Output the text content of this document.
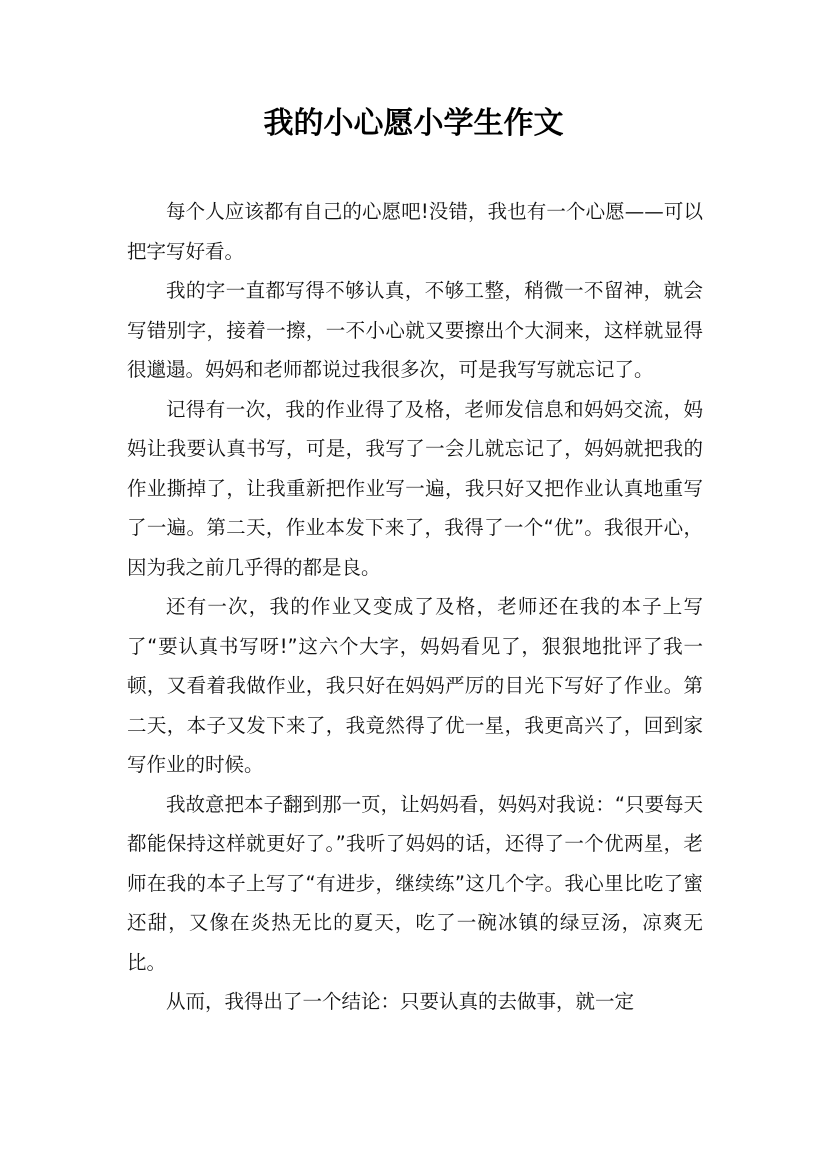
我的小心愿小学生作文

每个人应该都有自己的心愿吧!没错，我也有一个心愿——可以把字写好看。

我的字一直都写得不够认真，不够工整，稍微一不留神，就会写错别字，接着一擦，一不小心就又要擦出个大洞来，这样就显得很邋遢。妈妈和老师都说过我很多次，可是我写写就忘记了。

记得有一次，我的作业得了及格，老师发信息和妈妈交流，妈妈让我要认真书写，可是，我写了一会儿就忘记了，妈妈就把我的作业撕掉了，让我重新把作业写一遍，我只好又把作业认真地重写了一遍。第二天，作业本发下来了，我得了一个“优”。我很开心，因为我之前几乎得的都是良。

还有一次，我的作业又变成了及格，老师还在我的本子上写了“要认真书写呀!”这六个大字，妈妈看见了，狠狠地批评了我一顿，又看着我做作业，我只好在妈妈严厉的目光下写好了作业。第二天，本子又发下来了，我竟然得了优一星，我更高兴了，回到家写作业的时候。

我故意把本子翻到那一页，让妈妈看，妈妈对我说：“只要每天都能保持这样就更好了。”我听了妈妈的话，还得了一个优两星，老师在我的本子上写了“有进步，继续练”这几个字。我心里比吃了蜜还甜，又像在炎热无比的夏天，吃了一碗冰镇的绿豆汤，凉爽无比。

从而，我得出了一个结论：只要认真的去做事，就一定
